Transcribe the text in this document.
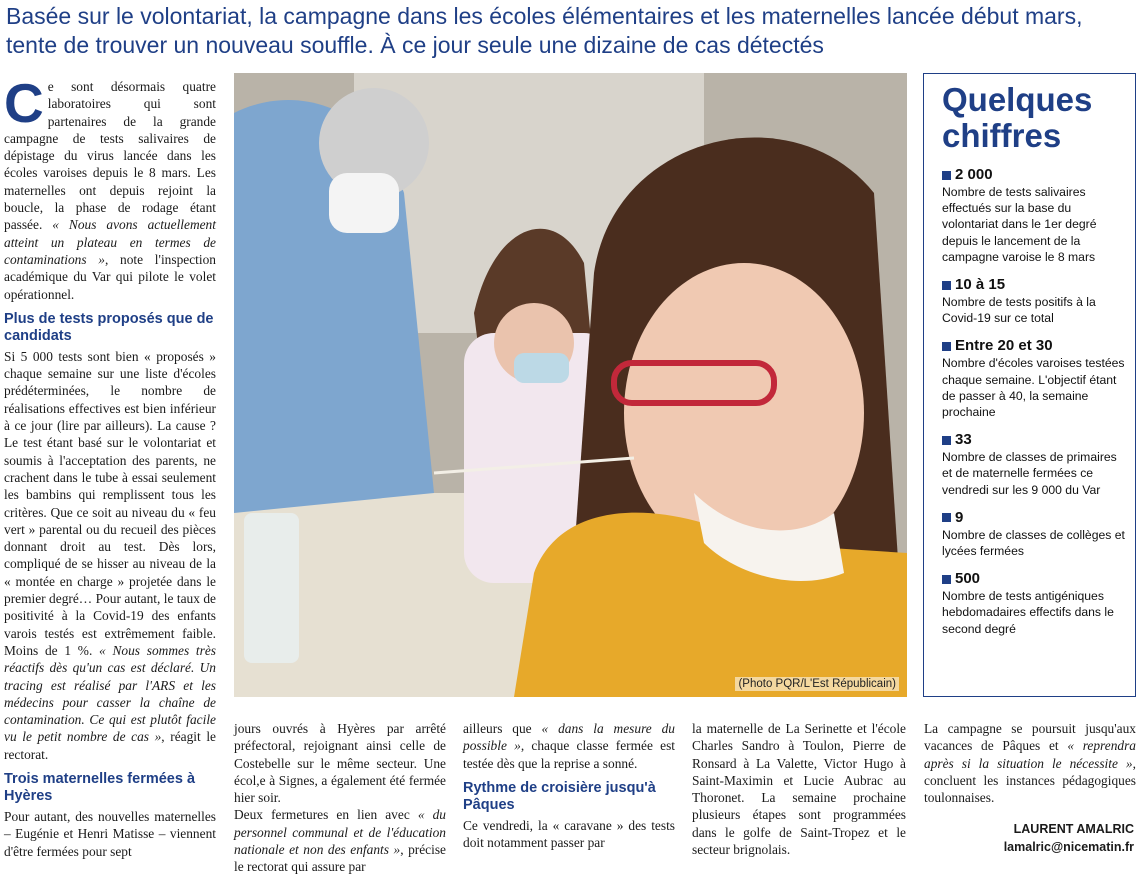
Basée sur le volontariat, la campagne dans les écoles élémentaires et les maternelles lancée début mars, tente de trouver un nouveau souffle. À ce jour seule une dizaine de cas détectés
C e sont désormais quatre laboratoires qui sont partenaires de la grande campagne de tests salivaires de dépistage du virus lancée dans les écoles varoises depuis le 8 mars. Les maternelles ont depuis rejoint la boucle, la phase de rodage étant passée. « Nous avons actuellement atteint un plateau en termes de contaminations », note l'inspection académique du Var qui pilote le volet opérationnel.

Plus de tests proposés que de candidats

Si 5 000 tests sont bien « proposés » chaque semaine sur une liste d'écoles prédéterminées, le nombre de réalisations effectives est bien inférieur à ce jour (lire par ailleurs). La cause ? Le test étant basé sur le volontariat et soumis à l'acceptation des parents, ne crachent dans le tube à essai seulement les bambins qui remplissent tous les critères. Que ce soit au niveau du « feu vert » parental ou du recueil des pièces donnant droit au test. Dès lors, compliqué de se hisser au niveau de la « montée en charge » projetée dans le premier degré… Pour autant, le taux de positivité à la Covid-19 des enfants varois testés est extrêmement faible. Moins de 1 %. « Nous sommes très réactifs dès qu'un cas est déclaré. Un tracing est réalisé par l'ARS et les médecins pour casser la chaîne de contamination. Ce qui est plutôt facile vu le petit nombre de cas », réagit le rectorat.

Trois maternelles fermées à Hyères

Pour autant, des nouvelles maternelles – Eugénie et Henri Matisse – viennent d'être fermées pour sept

(Photo PQR/L'Est Républicain)

jours ouvrés à Hyères par arrêté préfectoral, rejoignant ainsi celle de Costebelle sur le même secteur. Une écol,e à Signes, a également été fermée hier soir.

Deux fermetures en lien avec « du personnel communal et de l'éducation nationale et non des enfants », précise le rectorat qui assure par

ailleurs que « dans la mesure du possible », chaque classe fermée est testée dès que la reprise a sonné.

Rythme de croisière jusqu'à Pâques

Ce vendredi, la « caravane » des tests doit notamment passer par

la maternelle de La Serinette et l'école Charles Sandro à Toulon, Pierre de Ronsard à La Valette, Victor Hugo à Saint-Maximin et Lucie Aubrac au Thoronet. La semaine prochaine plusieurs étapes sont programmées dans le golfe de Saint-Tropez et le secteur brignolais.

La campagne se poursuit jusqu'aux vacances de Pâques et « reprendra après si la situation le nécessite », concluent les instances pédagogiques toulonnaises.

LAURENT AMALRIC
lamalric@nicematin.fr
Quelques chiffres
2 000
Nombre de tests salivaires effectués sur la base du volontariat dans le 1er degré depuis le lancement de la campagne varoise le 8 mars
10 à 15
Nombre de tests positifs à la Covid-19 sur ce total
Entre 20 et 30
Nombre d'écoles varoises testées chaque semaine. L'objectif étant de passer à 40, la semaine prochaine
33
Nombre de classes de primaires et de maternelle fermées ce vendredi sur les 9 000 du Var
9
Nombre de classes de collèges et lycées fermées
500
Nombre de tests antigéniques hebdomadaires effectifs dans le second degré
